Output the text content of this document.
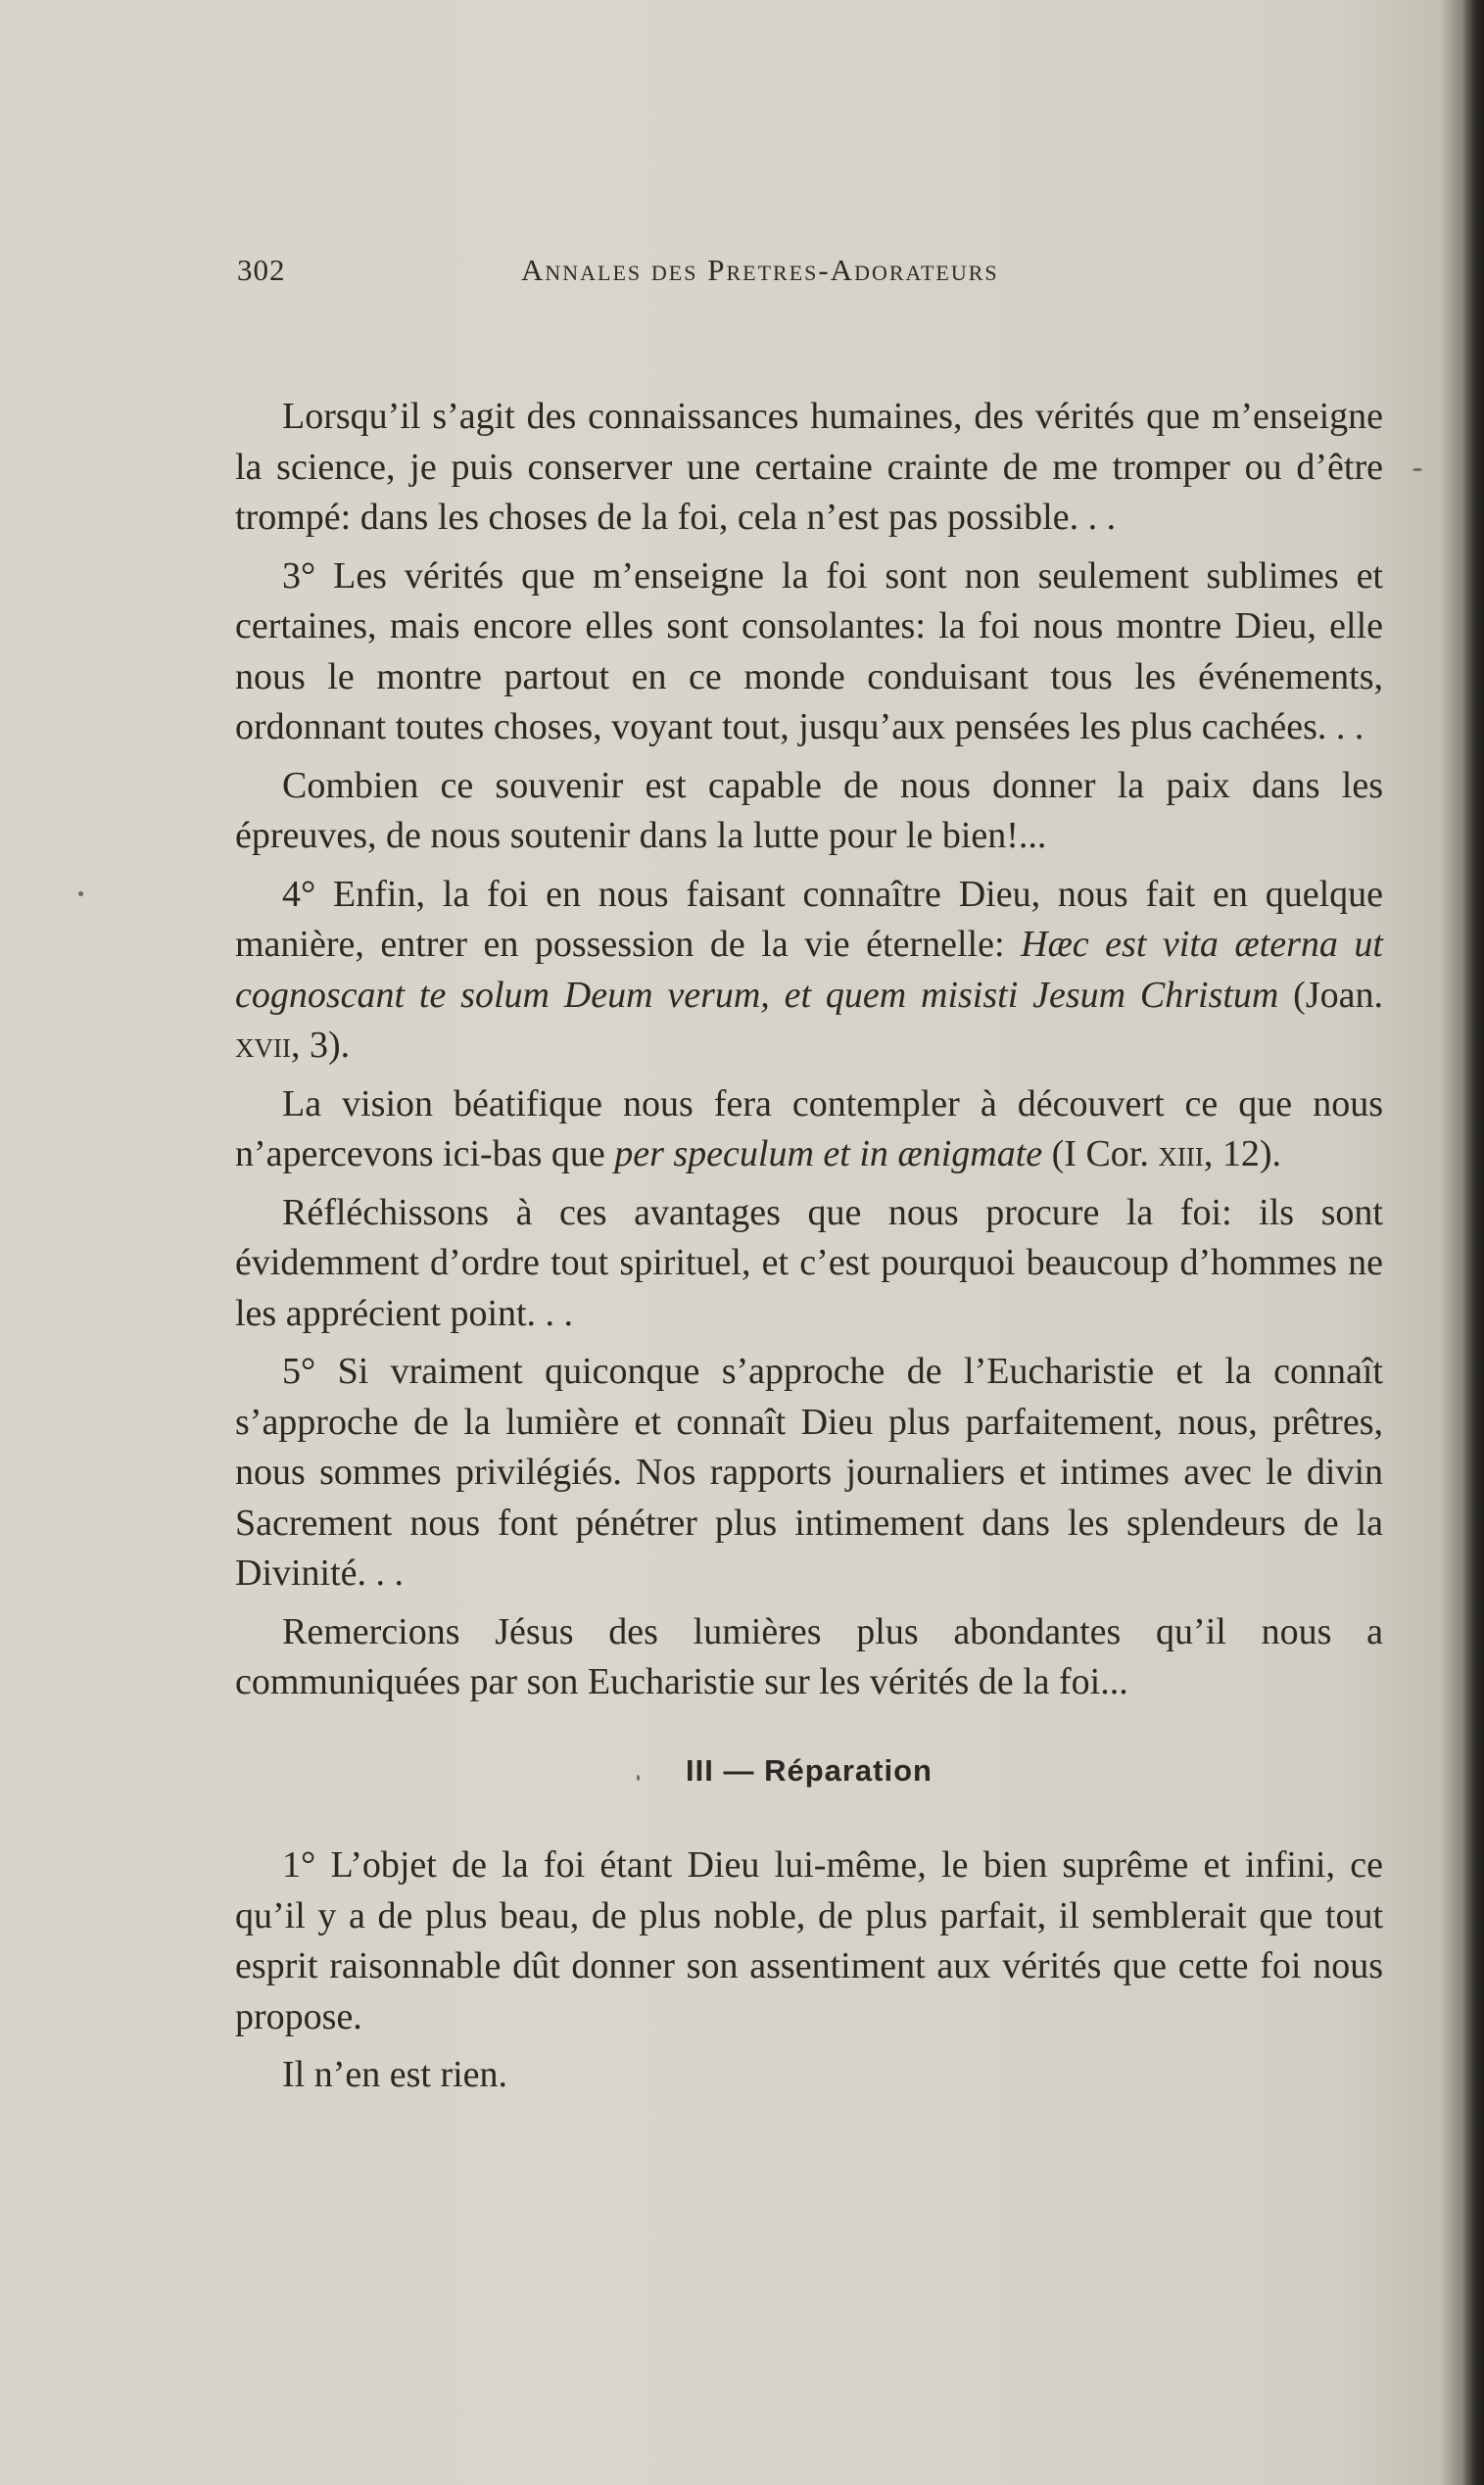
302	Annales des Pretres-Adorateurs

Lorsqu’il s’agit des connaissances humaines, des vérités que m’enseigne la science, je puis conserver une certaine crainte de me tromper ou d’être trompé: dans les choses de la foi, cela n’est pas possible. . .

3° Les vérités que m’enseigne la foi sont non seulement sublimes et certaines, mais encore elles sont consolantes: la foi nous montre Dieu, elle nous le montre partout en ce monde conduisant tous les événements, ordonnant toutes choses, voyant tout, jusqu’aux pensées les plus cachées. . .

Combien ce souvenir est capable de nous donner la paix dans les épreuves, de nous soutenir dans la lutte pour le bien!...

4° Enfin, la foi en nous faisant connaître Dieu, nous fait en quelque manière, entrer en possession de la vie éternelle: Hæc est vita æterna ut cognoscant te solum Deum verum, et quem misisti Jesum Christum (Joan. xvii, 3).

La vision béatifique nous fera contempler à découvert ce que nous n’apercevons ici-bas que per speculum et in ænigmate (I Cor. xiii, 12).

Réfléchissons à ces avantages que nous procure la foi: ils sont évidemment d’ordre tout spirituel, et c’est pourquoi beaucoup d’hommes ne les apprécient point. . .

5° Si vraiment quiconque s’approche de l’Eucharistie et la connaît s’approche de la lumière et connaît Dieu plus parfaitement, nous, prêtres, nous sommes privilégiés. Nos rapports journaliers et intimes avec le divin Sacrement nous font pénétrer plus intimement dans les splendeurs de la Divinité. . .

Remercions Jésus des lumières plus abondantes qu’il nous a communiquées par son Eucharistie sur les vérités de la foi...

III — Réparation

1° L’objet de la foi étant Dieu lui-même, le bien suprême et infini, ce qu’il y a de plus beau, de plus noble, de plus parfait, il semblerait que tout esprit raisonnable dût donner son assentiment aux vérités que cette foi nous propose.

Il n’en est rien.
